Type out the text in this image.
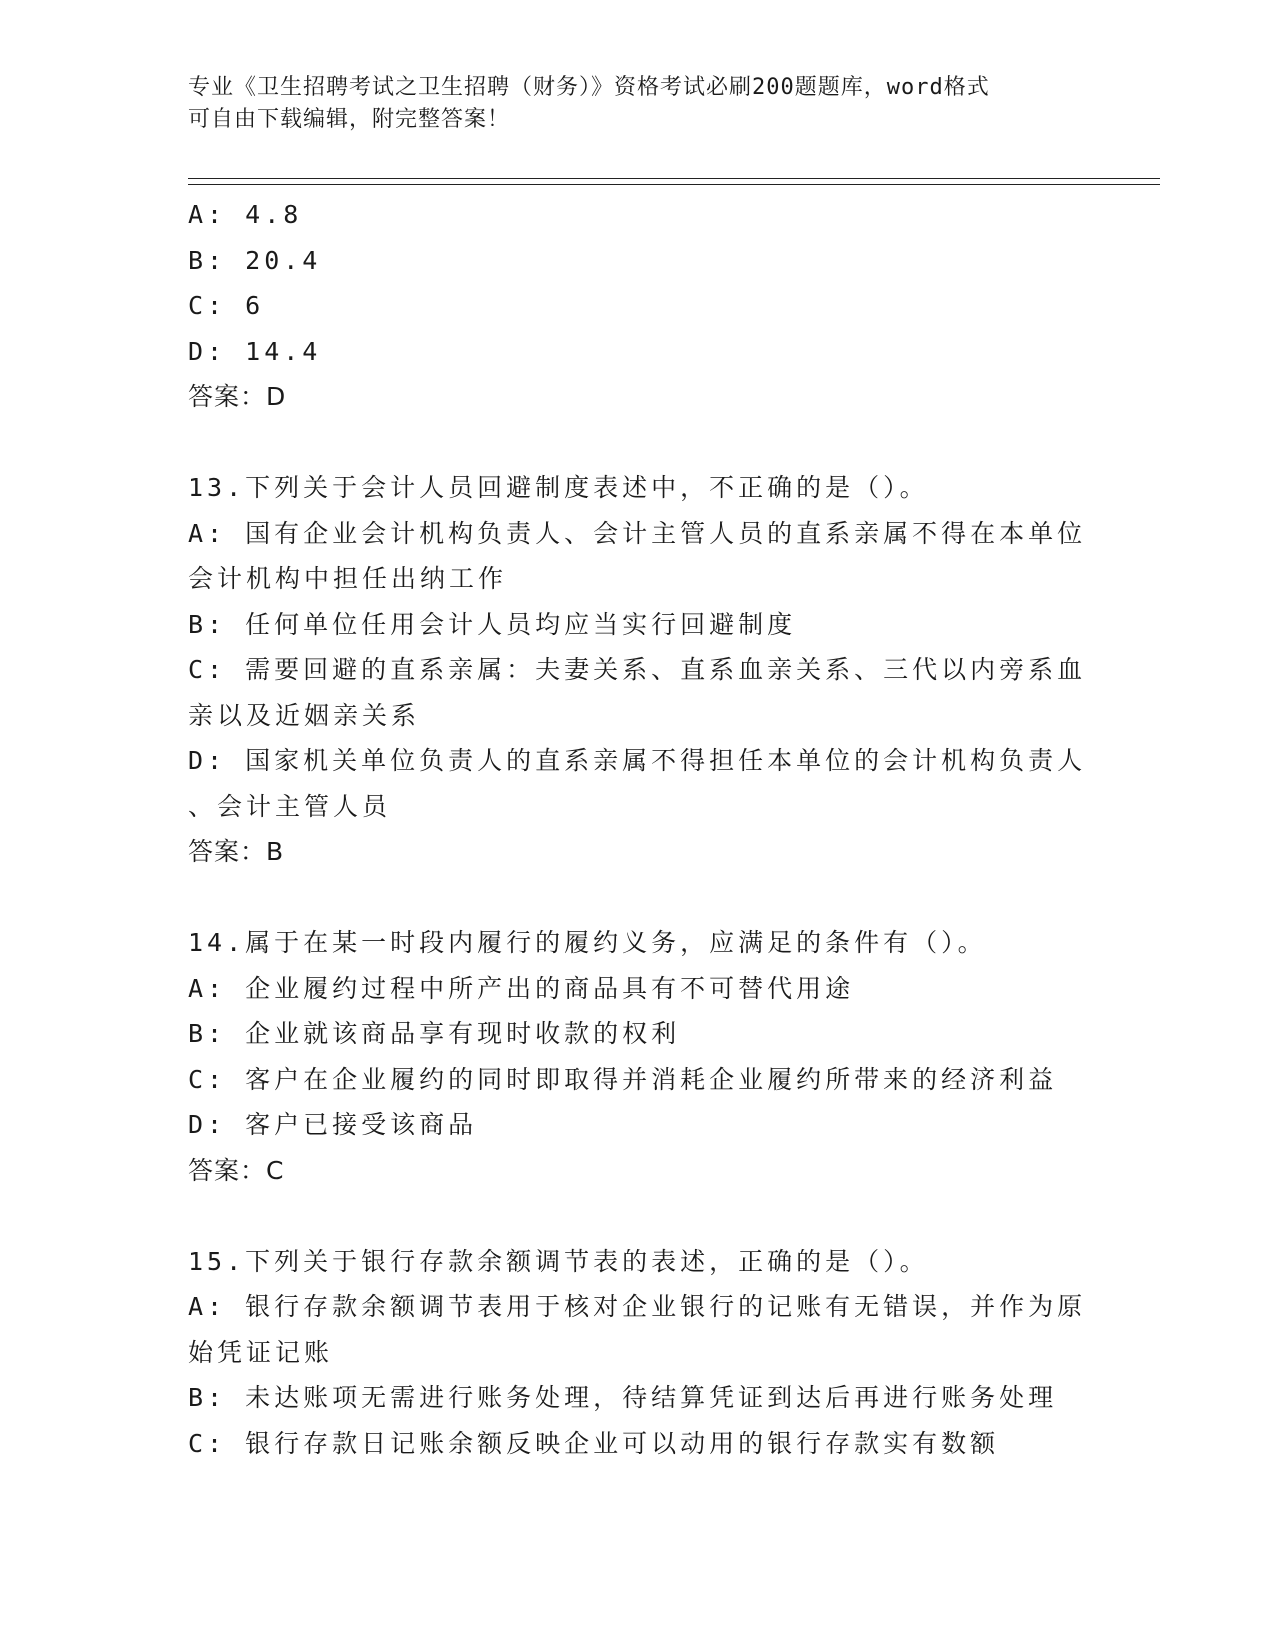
专业《卫生招聘考试之卫生招聘（财务）》资格考试必刷200题题库，word格式
可自由下载编辑，附完整答案！
A: 4.8
B: 20.4
C: 6
D: 14.4
答案：D
13.下列关于会计人员回避制度表述中，不正确的是（）。
A: 国有企业会计机构负责人、会计主管人员的直系亲属不得在本单位
会计机构中担任出纳工作
B: 任何单位任用会计人员均应当实行回避制度
C: 需要回避的直系亲属：夫妻关系、直系血亲关系、三代以内旁系血
亲以及近姻亲关系
D: 国家机关单位负责人的直系亲属不得担任本单位的会计机构负责人
、会计主管人员
答案：B
14.属于在某一时段内履行的履约义务，应满足的条件有（）。
A: 企业履约过程中所产出的商品具有不可替代用途
B: 企业就该商品享有现时收款的权利
C: 客户在企业履约的同时即取得并消耗企业履约所带来的经济利益
D: 客户已接受该商品
答案：C
15.下列关于银行存款余额调节表的表述，正确的是（）。
A: 银行存款余额调节表用于核对企业银行的记账有无错误，并作为原
始凭证记账
B: 未达账项无需进行账务处理，待结算凭证到达后再进行账务处理
C: 银行存款日记账余额反映企业可以动用的银行存款实有数额
